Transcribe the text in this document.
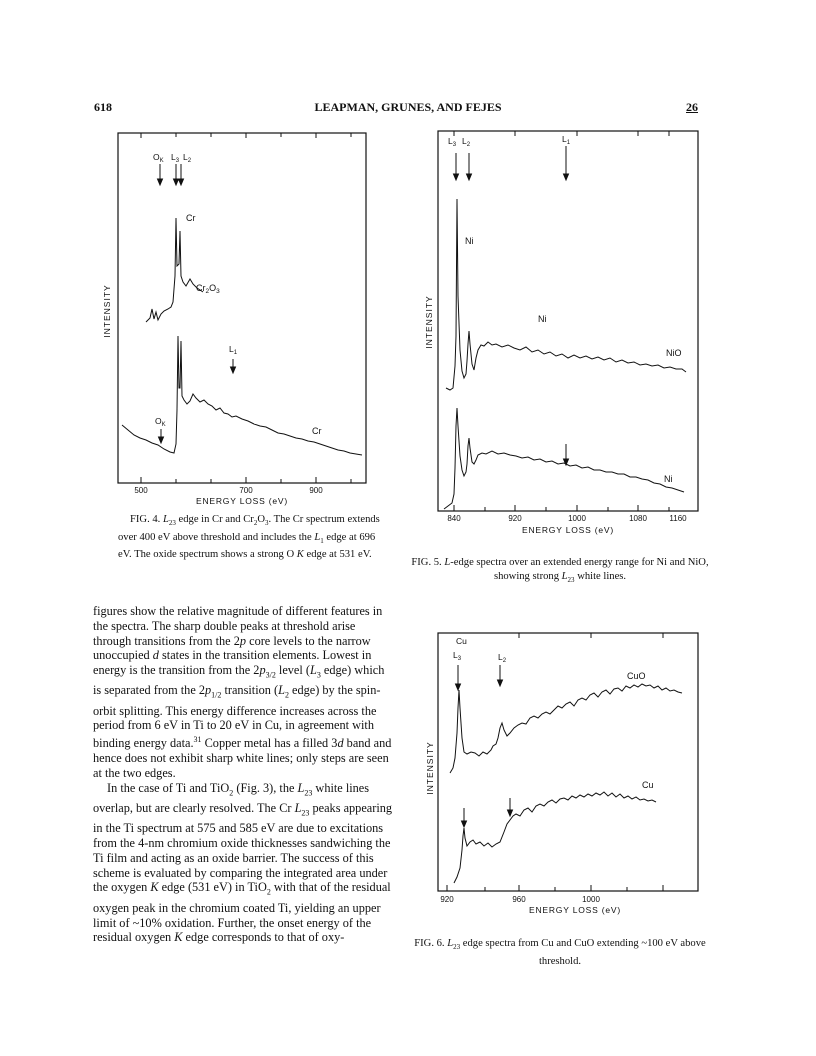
618	LEAPMAN, GRUNES, AND FEJES	26
INTENSITY
500	700	900
ENERGY LOSS (eV)
$O_K$ $L_3$ $L_2$
$L_1$
$O_K$
Cr
$Cr_2O_3$
Cr
FIG. 4. $L_{23}$ edge in Cr and $Cr_2O_3$. The Cr spectrum extends over 400 eV above threshold and includes the $L_1$ edge at 696 eV. The oxide spectrum shows a strong O K edge at 531 eV.
INTENSITY
840	920	1000	1080	1160
ENERGY LOSS (eV)
$L_3$ $L_2$
$L_1$
Ni
Ni
NiO
Ni
FIG. 5. L-edge spectra over an extended energy range for Ni and NiO, showing strong $L_{23}$ white lines.
INTENSITY
920	960	1000
ENERGY LOSS (eV)
Cu
$L_3$	$L_2$
CuO
Cu
FIG. 6. $L_{23}$ edge spectra from Cu and CuO extending ~100 eV above threshold.

figures show the relative magnitude of different features in the spectra. The sharp double peaks at threshold arise through transitions from the 2p core levels to the narrow unoccupied d states in the transition elements. Lowest in energy is the transition from the $2p_{3/2}$ level ($L_3$ edge) which is separated from the $2p_{1/2}$ transition ($L_2$ edge) by the spin-orbit splitting. This energy difference increases across the period from 6 eV in Ti to 20 eV in Cu, in agreement with binding energy data.$^{31}$ Copper metal has a filled 3d band and hence does not exhibit sharp white lines; only steps are seen at the two edges.

In the case of Ti and TiO$_2$ (Fig. 3), the $L_{23}$ white lines overlap, but are clearly resolved. The Cr $L_{23}$ peaks appearing in the Ti spectrum at 575 and 585 eV are due to excitations from the 4-nm chromium oxide thicknesses sandwiching the Ti film and acting as an oxide barrier. The success of this scheme is evaluated by comparing the integrated area under the oxygen K edge (531 eV) in TiO$_2$ with that of the residual oxygen peak in the chromium coated Ti, yielding an upper limit of ~10% oxidation. Further, the onset energy of the residual oxygen K edge corresponds to that of oxy-
